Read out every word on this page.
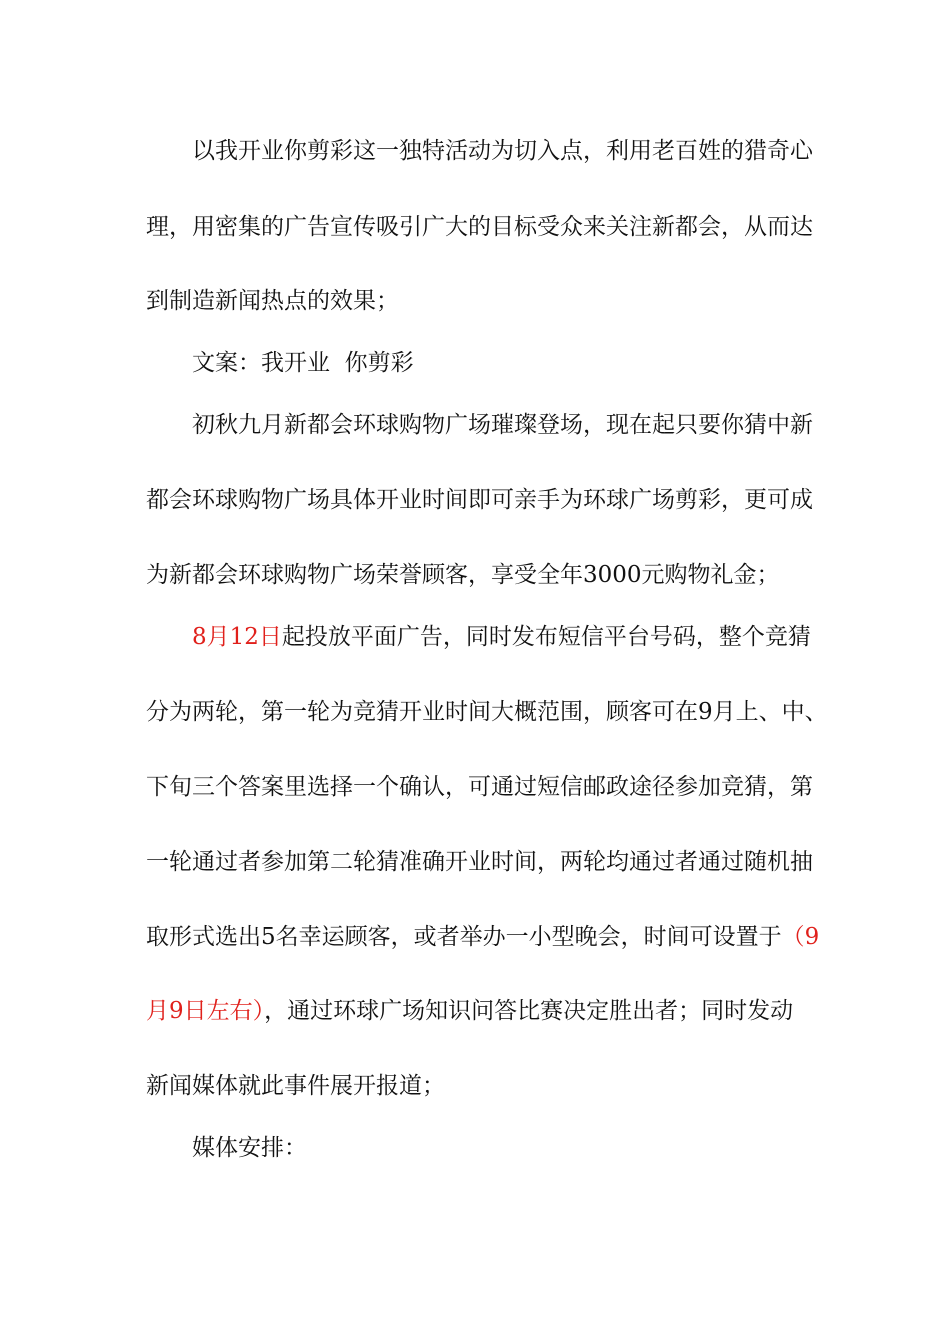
以我开业你剪彩这一独特活动为切入点，利用老百姓的猎奇心
理，用密集的广告宣传吸引广大的目标受众来关注新都会，从而达
到制造新闻热点的效果；
文案：我开业  你剪彩
初秋九月新都会环球购物广场璀璨登场，现在起只要你猜中新
都会环球购物广场具体开业时间即可亲手为环球广场剪彩，更可成
为新都会环球购物广场荣誉顾客，享受全年3000元购物礼金；
8月12日起投放平面广告，同时发布短信平台号码，整个竞猜
分为两轮，第一轮为竞猜开业时间大概范围，顾客可在9月上、中、
下旬三个答案里选择一个确认，可通过短信邮政途径参加竞猜，第
一轮通过者参加第二轮猜准确开业时间，两轮均通过者通过随机抽
取形式选出5名幸运顾客，或者举办一小型晚会，时间可设置于（9
月9日左右），通过环球广场知识问答比赛决定胜出者；同时发动
新闻媒体就此事件展开报道；
媒体安排：
